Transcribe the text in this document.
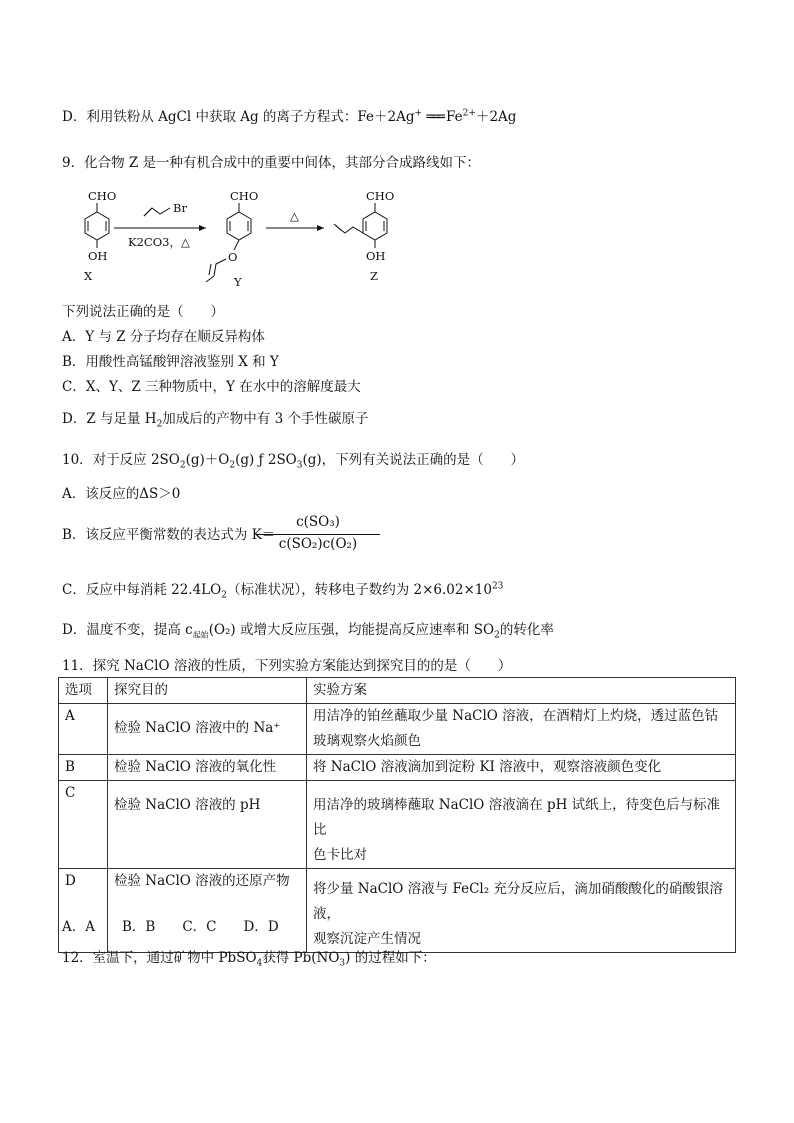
D．利用铁粉从 AgCl 中获取 Ag 的离子方程式：Fe＋2Ag+ ═══ $Fe^{2+}+2Ag$
9．化合物 Z 是一种有机合成中的重要中间体，其部分合成路线如下：
CHO
OH
X
Br
K2CO3，△
CHO
O
Y
△
CHO
OH
Z
下列说法正确的是（　　）
A．Y 与 Z 分子均存在顺反异构体
B．用酸性高锰酸钾溶液鉴别 X 和 Y
C．X、Y、Z 三种物质中，Y 在水中的溶解度最大
D．Z 与足量 $H_2$加成后的产物中有 3 个手性碳原子
10．对于反应 $2SO_2(g)+O_2(g)$ ƒ $2SO_3(g)$，下列有关说法正确的是（　　）
A．该反应的ΔS＞0
B．该反应平衡常数的表达式为 K＝
c(SO₃)
c(SO₂)c(O₂)
C．反应中每消耗 $22.4LO_2$（标准状况），转移电子数约为 $2\times 6.02\times 10^{23}$
D．温度不变，提高 $c_{起始}(O_2)$ 或增大反应压强，均能提高反应速率和 $SO_2$的转化率
11．探究 NaClO 溶液的性质，下列实验方案能达到探究目的的是（　　）
选项	探究目的	实验方案
A	检验 NaClO 溶液中的 Na⁺	用洁净的铂丝蘸取少量 NaClO 溶液，在酒精灯上灼烧，透过蓝色钴
玻璃观察火焰颜色

B	检验 NaClO 溶液的氧化性	将 NaClO 溶液滴加到淀粉 KI 溶液中，观察溶液颜色变化

C	检验 NaClO 溶液的 pH	用洁净的玻璃棒蘸取 NaClO 溶液滴在 pH 试纸上，待变色后与标准比
色卡比对

D	检验 NaClO 溶液的还原产物	将少量 NaClO 溶液与 FeCl₂ 充分反应后，滴加硝酸酸化的硝酸银溶液，
观察沉淀产生情况
A．A　　B．B　　C．C　　D．D
12．室温下，通过矿物中 PbSO$_4$获得 $Pb(NO_3)$ 的过程如下：
